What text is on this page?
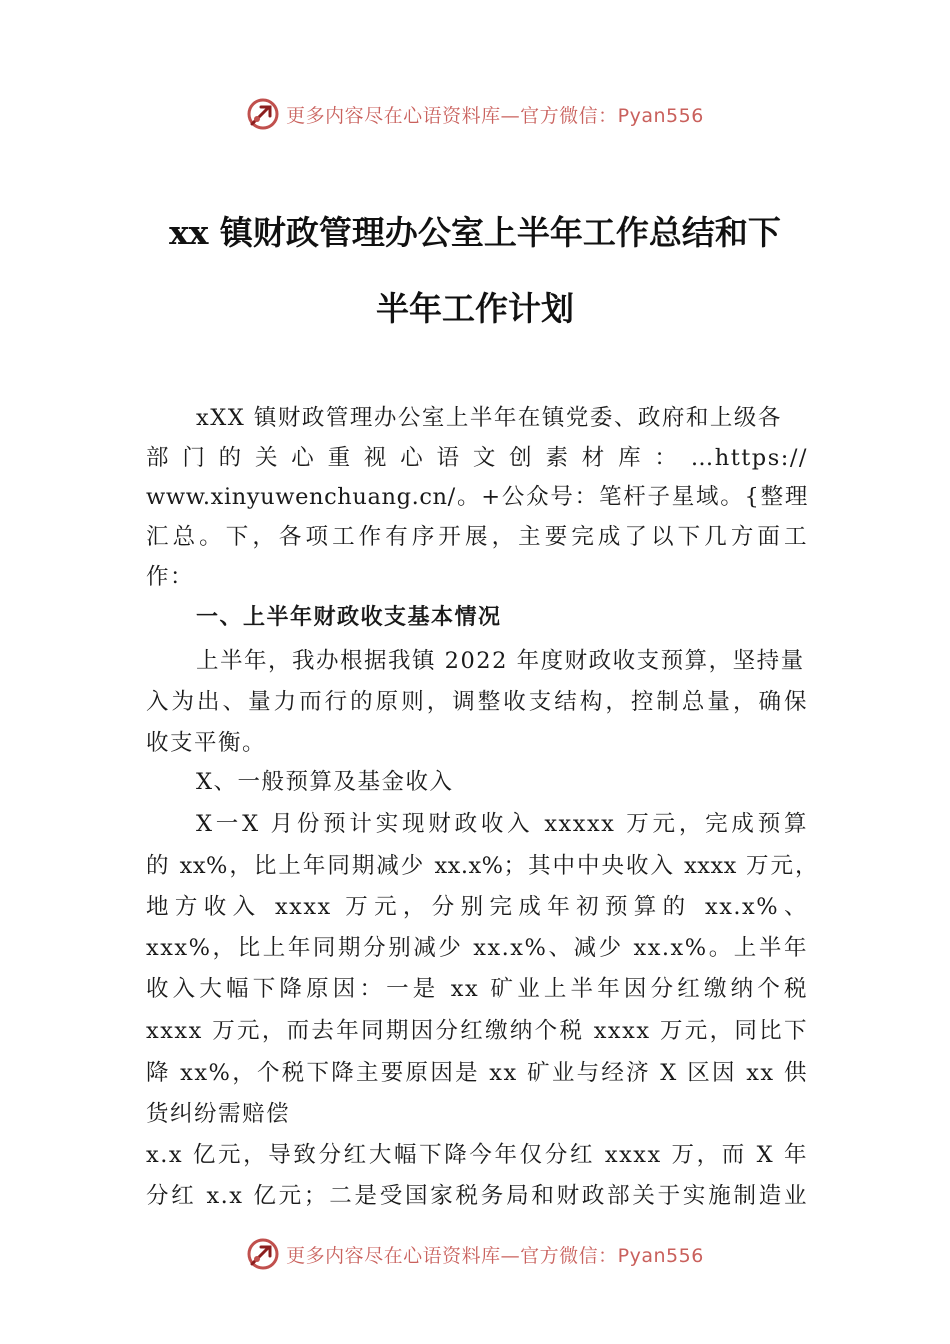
更多内容尽在心语资料库—官方微信：Pyan556
xx 镇财政管理办公室上半年工作总结和下
半年工作计划
xXX 镇财政管理办公室上半年在镇党委、政府和上级各
部门的关心重视心语文创素材库：…https://
www.xinyuwenchuang.cn/。+公众号：笔杆子星域。{整理
汇总。下，各项工作有序开展，主要完成了以下几方面工
作：
一、上半年财政收支基本情况
上半年，我办根据我镇 2022 年度财政收支预算，坚持量
入为出、量力而行的原则，调整收支结构，控制总量，确保
收支平衡。
X、一般预算及基金收入
X一X 月份预计实现财政收入 xxxxx 万元，完成预算
的 xx%，比上年同期减少 xx.x%；其中中央收入 xxxx 万元，
地方收入 xxxx 万元，分别完成年初预算的 xx.x%、
xxx%，比上年同期分别减少 xx.x%、减少 xx.x%。上半年
收入大幅下降原因：一是 xx 矿业上半年因分红缴纳个税
xxxx 万元，而去年同期因分红缴纳个税 xxxx 万元，同比下
降 xx%，个税下降主要原因是 xx 矿业与经济 X 区因 xx 供
货纠纷需赔偿
x.x 亿元，导致分红大幅下降今年仅分红 xxxx 万，而 X 年
分红 x.x 亿元；二是受国家税务局和财政部关于实施制造业
更多内容尽在心语资料库—官方微信：Pyan556
